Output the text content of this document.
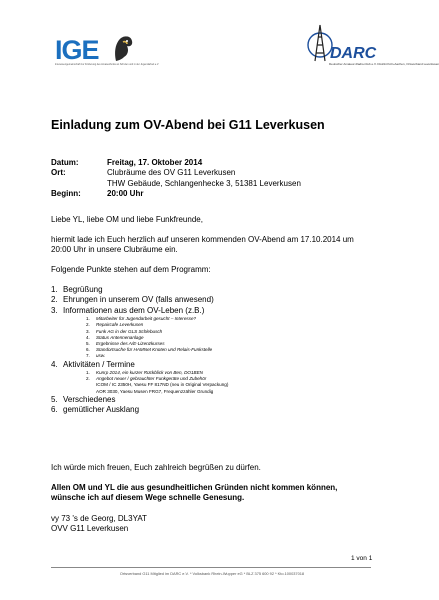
IGE
Interessengemeinschaft zur Förderung des Amateurfunks an Schulen und in der Jugendarbeit e.V.
DARC
Deutscher Amateur-Radio-Club e.V. Distrikt Köln-Aachen, Ortsverband Leverkusen
Einladung zum OV-Abend bei G11 Leverkusen
Datum:	Freitag, 17. Oktober 2014
Ort:	Clubräume des OV G11 Leverkusen
THW Gebäude, Schlangenhecke 3, 51381 Leverkusen
Beginn:	20:00 Uhr

Liebe YL, liebe OM und liebe Funkfreunde,

hiermit lade ich Euch herzlich auf unseren kommenden OV-Abend am 17.10.2014 um
20:00 Uhr in unsere Clubräume ein.

Folgende Punkte stehen auf dem Programm:

1. Begrüßung
2. Ehrungen in unserem OV (falls anwesend)
3. Informationen aus dem OV-Leben (z.B.)
1.	Mitarbeiter für Jugendarbeit gesucht – Interesse?
2.	Repaircafe Leverkusen
3.	Funk AG in der GLS Schlebusch
4.	Status Antennenanlage
5.	Ergebnisse des A/E-Lizenzkurses
6.	Standortsuche für HAMNet Knoten und Relais-Funkstelle
7.	usw.
4. Aktivitäten / Termine
1.	Kunrp 2014, ein kurzer Rückblick von Ben, DO1BEN
2.	Angebot neuer / gebrauchter Funkgeräte und Zubehör
ICOM / IC 2350H, Yaesu FF 817ND (neu in Original Verpackung)
AOR 3030, Yaesu Musen FRG7, Frequenzzähler Grundig
5. Verschiedenes
6. gemütlicher Ausklang

Ich würde mich freuen, Euch zahlreich begrüßen zu dürfen.

Allen OM und YL die aus gesundheitlichen Gründen nicht kommen können,
wünsche ich auf diesem Wege schnelle Genesung.
vy 73 's de Georg, DL3YAT
OVV G11 Leverkusen
1 von 1
Ortsverband G11 Mitglied im DARC e.V. * Volksbank Rhein-Wupper eG * BLZ 375 600 92 * Kto.100037018
